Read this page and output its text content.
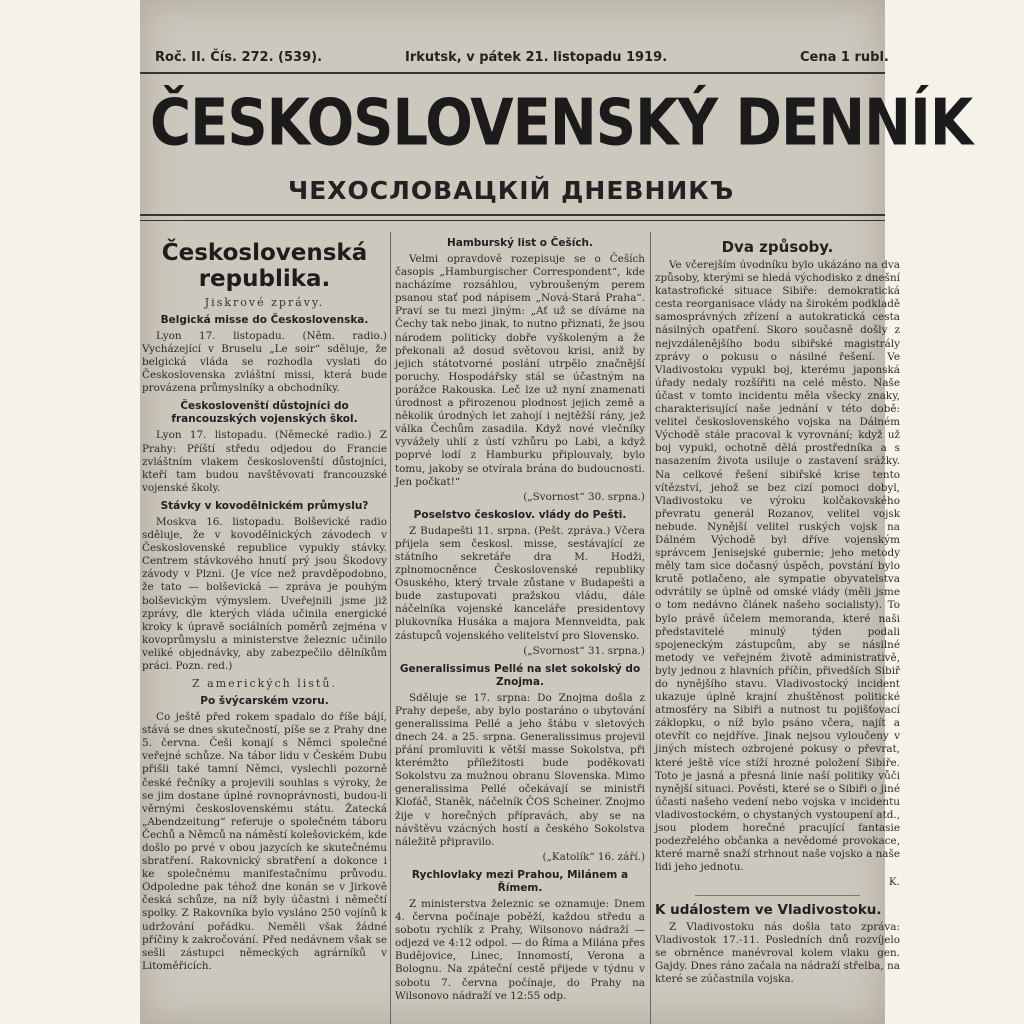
Roč. II. Čís. 272. (539).	Irkutsk, v pátek 21. listopadu 1919.	Cena 1 rubl.
ČESKOSLOVENSKÝ DENNÍK
ЧЕХОСЛОВАЦКІЙ ДНЕВНИКЪ
Československá republika.
Jiskrové zprávy.
Belgická misse do Československa.

Lyon 17. listopadu. (Něm. radio.) Vycházející v Bruselu „Le soir“ sděluje, že belgická vláda se rozhodla vyslati do Československa zvláštní missi, která bude provázena průmyslníky a obchodníky.

Českoslovenští důstojníci do francouzských vojenských škol.

Lyon 17. listopadu. (Německé radio.) Z Prahy: Příští středu odjedou do Francie zvláštním vlakem českoslovenští důstojníci, kteří tam budou navštěvovati francouzské vojenské školy.

Stávky v kovodělnickém průmyslu?

Moskva 16. listopadu. Bolševické radio sděluje, že v kovodělnických závodech v Československé republice vypukly stávky. Centrem stávkového hnutí prý jsou Škodovy závody v Plzni. (Je více než pravděpodobno, že tato — bolševická — zpráva je pouhým bolševickým výmyslem. Uveřejnili jsme již zprávy, dle kterých vláda učinila energické kroky k úpravě sociálních poměrů zejména v kovoprůmyslu a ministerstve železnic učinilo veliké objednávky, aby zabezpečilo dělníkům práci. Pozn. red.)

Z amerických listů.
Po švýcarském vzoru.

Co ještě před rokem spadalo do říše bájí, stává se dnes skutečností, píše se z Prahy dne 5. června. Češi konají s Němci společné veřejné schůze. Na tábor lidu v Českém Dubu přišli také tamní Němci, vyslechli pozorně české řečníky a projevili souhlas s výroky, že se jim dostane úplné rovnoprávnosti, budou-li věrnými československému státu. Žatecká „Abendzeitung“ referuje o společném táboru Čechů a Němců na náměstí kolešovickém, kde došlo po prvé v obou jazycích ke skutečnému sbratření. Rakovnický sbratření a dokonce i ke společnému manifestačnímu průvodu. Odpoledne pak téhož dne konán se v Jirkově česká schůze, na níž byly účastni i němečtí spolky. Z Rakovníka bylo vysláno 250 vojínů k udržování pořádku. Neměli však žádné příčiny k zakročování. Před nedávnem však se sešli zástupci německých agrárníků v Litoměřicích.

Hamburský list o Češích.

Velmi opravdově rozepisuje se o Češích časopis „Hamburgischer Correspondent“, kde nacházíme rozsáhlou, vybroušeným perem psanou stať pod nápisem „Nová-Stará Praha“. Praví se tu mezi jiným: „Ať už se díváme na Čechy tak nebo jinak, to nutno přiznati, že jsou národem politicky dobře vyškoleným a že překonali až dosud světovou krisi, aniž by jejich státotvorné poslání utrpělo značnější poruchy. Hospodářsky stál se účastným na porážce Rakouska. Leč lze už nyní znamenati úrodnost a přirozenou plodnost jejich země a několik úrodných let zahojí i nejtěžší rány, jež válka Čechům zasadila. Když nové vlečníky vyvážely uhlí z ústí vzhůru po Labi, a když poprvé lodí z Hamburku připlouvaly, bylo tomu, jakoby se otvírala brána do budoucnosti. Jen počkat!“

(„Svornost“ 30. srpna.)

Poselstvo českoslov. vlády do Pešti.

Z Budapešti 11. srpna. (Pešt. zpráva.) Včera přijela sem českosl. misse, sestávající ze státního sekretáře dra M. Hodži, zplnomocněnce Československé republiky Osuského, který trvale zůstane v Budapešti a bude zastupovati pražskou vládu, dále náčelníka vojenské kanceláře presidentovy plukovníka Husáka a majora Mennveidta, pak zástupců vojenského velitelství pro Slovensko.

(„Svornost“ 31. srpna.)

Generalissimus Pellé na slet sokolský do Znojma.

Sděluje se 17. srpna: Do Znojma došla z Prahy depeše, aby bylo postaráno o ubytování generalissima Pellé a jeho štábu v sletových dnech 24. a 25. srpna. Generalissimus projevil přání promluviti k větší masse Sokolstva, při kterémžto příležitosti bude poděkovati Sokolstvu za mužnou obranu Slovenska. Mimo generalissima Pellé očekávají se ministři Klofáč, Staněk, náčelník ČOS Scheiner. Znojmo žije v horečných přípravách, aby se na návštěvu vzácných hostí a českého Sokolstva náležitě připravilo.

(„Katolík“ 16. září.)

Rychlovlaky mezi Prahou, Milánem a Římem.

Z ministerstva železnic se oznamuje: Dnem 4. června počínaje poběží, každou středu a sobotu rychlík z Prahy, Wilsonovo nádraží — odjezd ve 4:12 odpol. — do Říma a Milána přes Budějovice, Linec, Innomostí, Verona a Bolognu. Na zpáteční cestě přijede v týdnu v sobotu 7. června počínaje, do Prahy na Wilsonovo nádraží ve 12:55 odp.

Dva způsoby.

Ve včerejším úvodníku bylo ukázáno na dva způsoby, kterými se hledá východisko z dnešní katastrofické situace Sibiře: demokratická cesta reorganisace vlády na širokém podkladě samosprávných zřízení a autokratická cesta násilných opatření. Skoro současně došly z nejvzdálenějšího bodu sibiřské magistrály zprávy o pokusu o násilné řešení. Ve Vladivostoku vypukl boj, kterému japonská úřady nedaly rozšířiti na celé město. Naše účast v tomto incidentu měla všecky znaky, charakterisující naše jednání v této době: velitel československého vojska na Dálném Východě stále pracoval k vyrovnání; když už boj vypukl, ochotně dělá prostředníka a s nasazením života usiluje o zastavení srážky. Na celkové řešení sibiřské krise tento vítězství, jehož se bez cizí pomoci dobyl, Vladivostoku ve výroku kolčakovského převratu generál Rozanov, velitel vojsk nebude. Nynější velitel ruských vojsk na Dálném Východě byl dříve vojenským správcem Jenisejské gubernie; jeho metody měly tam sice dočasný úspěch, povstání bylo krutě potlačeno, ale sympatie obyvatelstva odvrátily se úplně od omské vlády (měli jsme o tom nedávno článek našeho socialisty). To bylo právě účelem memoranda, které naši představitelé minulý týden podali spojeneckým zástupcům, aby se násilné metody ve veřejném životě administrativě, byly jednou z hlavních příčin, přivedších Sibiř do nynějšího stavu. Vladivostocký incident ukazuje úplně krajní zhuštěnost politické atmosféry na Sibiři a nutnost tu pojišťovací záklopku, o níž bylo psáno včera, najít a otevřít co nejdříve. Jinak nejsou vyloučeny v jiných místech ozbrojené pokusy o převrat, které ještě více stíží hrozné položení Sibiře. Toto je jasná a přesná linie naší politiky vůči nynější situaci. Pověsti, které se o Sibiři o jiné účasti našeho vedení nebo vojska v incidentu vladivostockém, o chystaných vystoupení atd., jsou plodem horečné pracující fantasie podezřelého občanka a nevědomé provokace, které marně snaží strhnout naše vojsko a naše lidi jeho jednotu.

K.

K událostem ve Vladivostoku.

Z Vladivostoku nás došla tato zpráva: Vladivostok 17.-11. Posledních dnů rozvíjelo se obrněnce manévroval kolem vlaku gen. Gajdy. Dnes ráno začala na nádraží střelba, na které se zúčastnila vojska.
